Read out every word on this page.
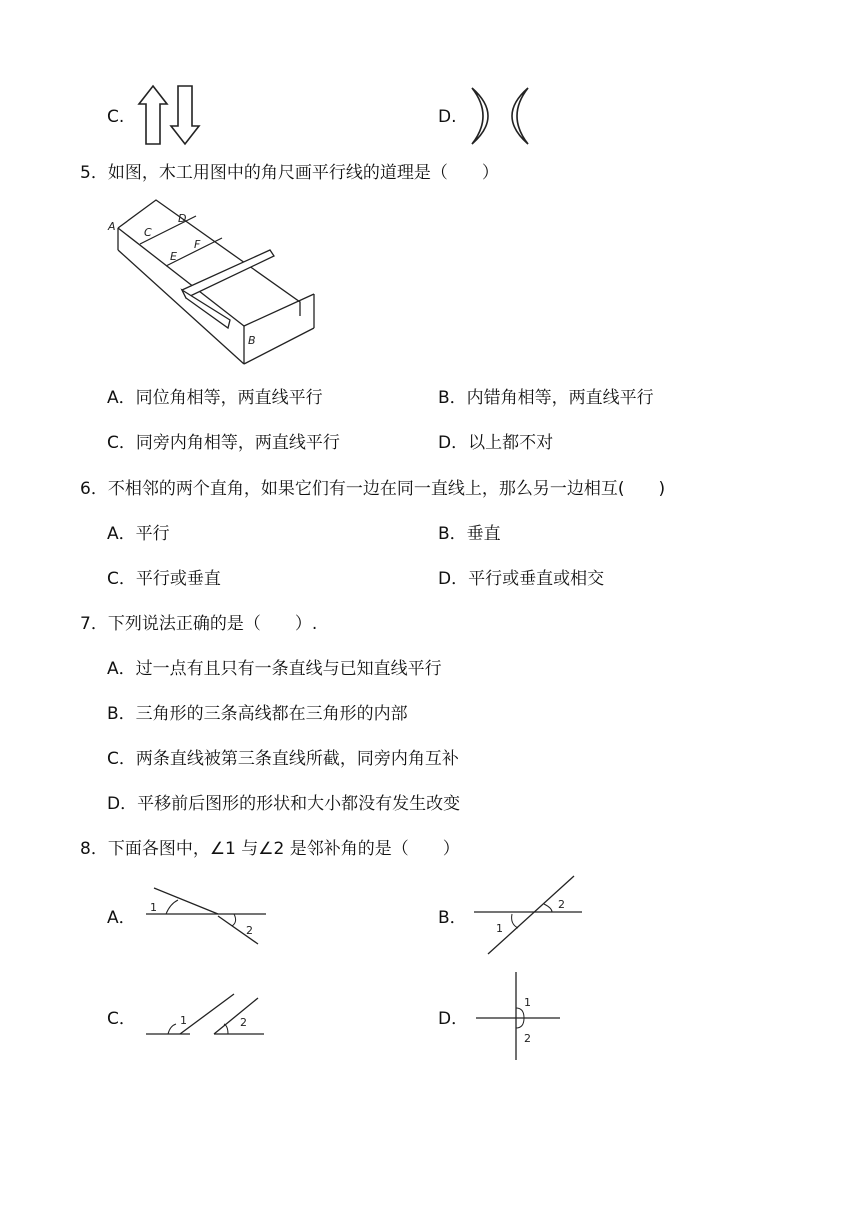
C.	D.
5．如图，木工用图中的角尺画平行线的道理是（　　）
A	C
D
E
F
B
A．同位角相等，两直线平行	B．内错角相等，两直线平行
C．同旁内角相等，两直线平行	D．以上都不对
6．不相邻的两个直角，如果它们有一边在同一直线上，那么另一边相互(　　)
A．平行	B．垂直
C．平行或垂直	D．平行或垂直或相交
7．下列说法正确的是（　　）.
A．过一点有且只有一条直线与已知直线平行
B．三角形的三条高线都在三角形的内部
C．两条直线被第三条直线所截，同旁内角互补
D．平移前后图形的形状和大小都没有发生改变
8．下面各图中，∠1 与∠2 是邻补角的是（　　）
A．
1
2
B．
1
2
C．	1	2	D．
1
2
